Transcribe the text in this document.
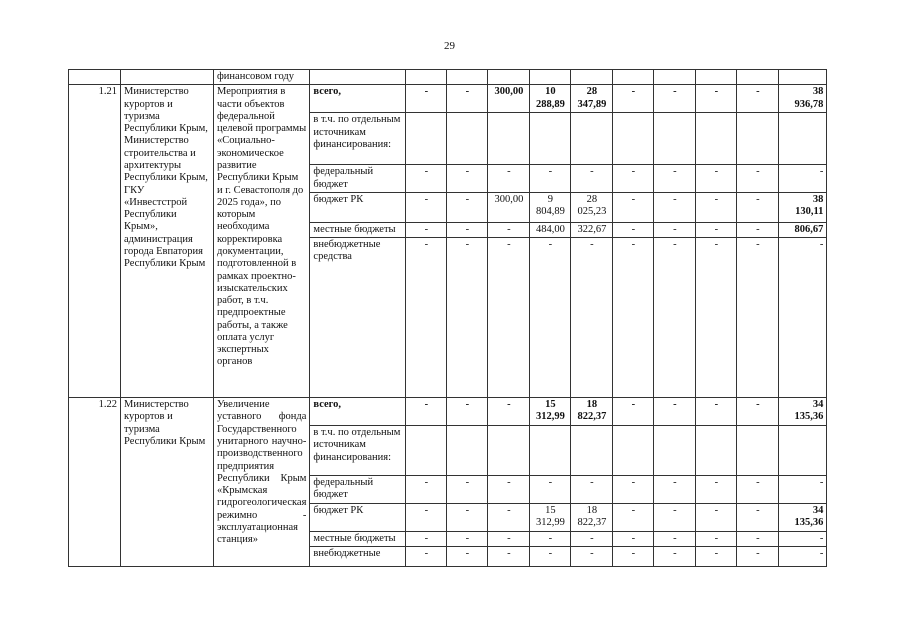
29
		финансовом году											
1.21	Министерство курортов и туризма Республики Крым, Министерство строительства и архитектуры Республики Крым, ГКУ «Инвестстрой Республики Крым», администрация города Евпатория Республики Крым	Мероприятия в части объектов федеральной целевой программы «Социально-экономическое развитие Республики Крым и г. Севастополя до 2025 года», по которым необходима корректировка документации, подготовленной в рамках проектно-изыскательских работ, в т.ч. предпроектные работы, а также оплата услуг экспертных органов	всего,	-	-	300,00	10 288,89	28 347,89	-	-	-	-	38 936,78
			в т.ч. по отдельным источникам финансирования:										
			федеральный бюджет	-	-	-	-	-	-	-	-	-	-
			бюджет РК	-	-	300,00	9 804,89	28 025,23	-	-	-	-	38 130,11
			местные бюджеты	-	-	-	484,00	322,67	-	-	-	-	806,67
			внебюджетные средства	-	-	-	-	-	-	-	-	-	-
1.22	Министерство курортов и туризма Республики Крым	Увеличение уставного фонда Государственного унитарного научно-производственного предприятия Республики Крым «Крымская гидрогеологическая режимно - эксплуатационная станция»	всего,	-	-	-	15 312,99	18 822,37	-	-	-	-	34 135,36
			в т.ч. по отдельным источникам финансирования:										
			федеральный бюджет	-	-	-	-	-	-	-	-	-	-
			бюджет РК	-	-	-	15 312,99	18 822,37	-	-	-	-	34 135,36
			местные бюджеты	-	-	-	-	-	-	-	-	-	-
			внебюджетные	-	-	-	-	-	-	-	-	-	-
